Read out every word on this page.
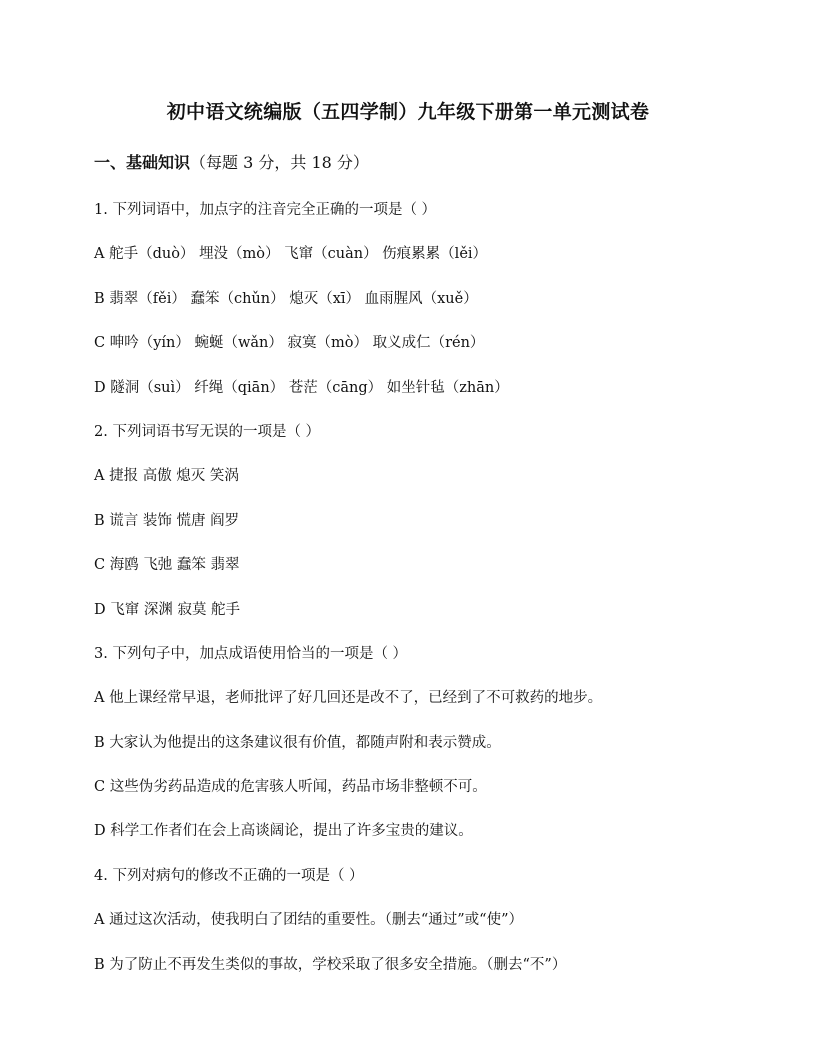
初中语文统编版（五四学制）九年级下册第一单元测试卷
一、基础知识（每题 3 分，共 18 分）
1. 下列词语中，加点字的注音完全正确的一项是（ ）
A 舵手（duò） 埋没（mò） 飞窜（cuàn） 伤痕累累（lěi）
B 翡翠（fěi） 蠢笨（chǔn） 熄灭（xī） 血雨腥风（xuě）
C 呻吟（yín） 蜿蜒（wǎn） 寂寞（mò） 取义成仁（rén）
D 隧洞（suì） 纤绳（qiān） 苍茫（cāng） 如坐针毡（zhān）
2. 下列词语书写无误的一项是（ ）
A 捷报 高傲 熄灭 笑涡
B 谎言 装饰 慌唐 阎罗
C 海鸥 飞弛 蠢笨 翡翠
D 飞窜 深渊 寂莫 舵手
3. 下列句子中，加点成语使用恰当的一项是（ ）
A 他上课经常早退，老师批评了好几回还是改不了，已经到了不可救药的地步。
B 大家认为他提出的这条建议很有价值，都随声附和表示赞成。
C 这些伪劣药品造成的危害骇人听闻，药品市场非整顿不可。
D 科学工作者们在会上高谈阔论，提出了许多宝贵的建议。
4. 下列对病句的修改不正确的一项是（ ）
A 通过这次活动，使我明白了团结的重要性。（删去“通过”或“使”）
B 为了防止不再发生类似的事故，学校采取了很多安全措施。（删去“不”）
